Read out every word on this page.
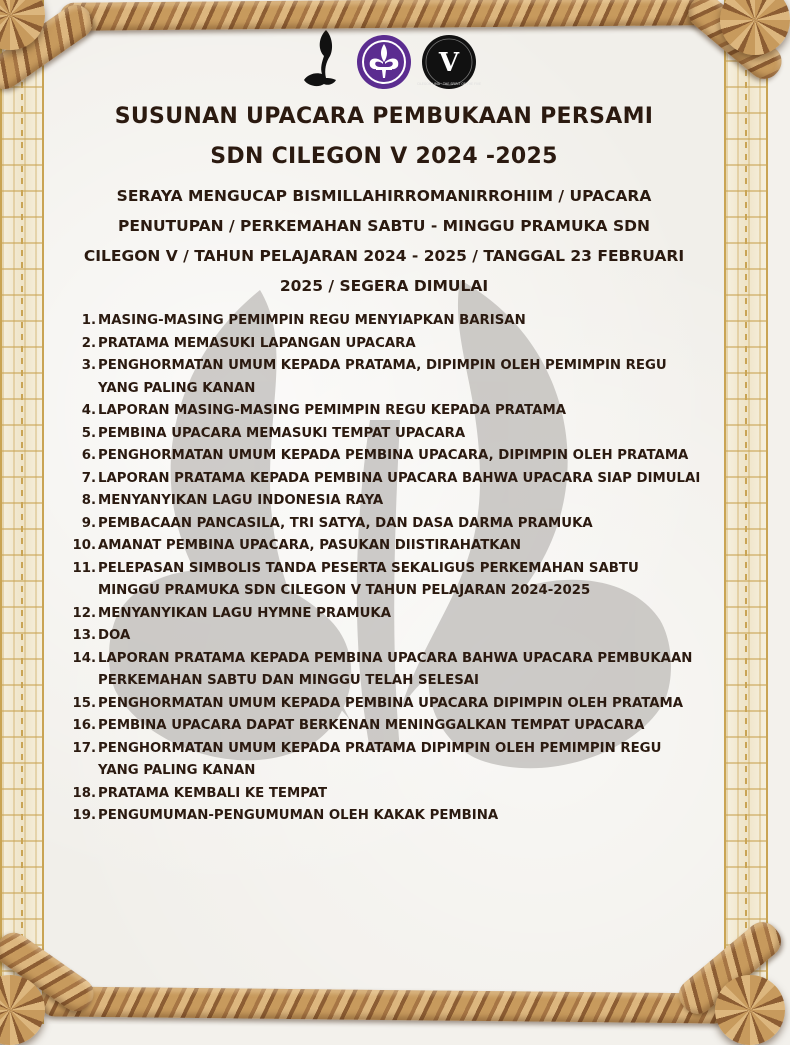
V
CILEGON LIMA · THE SPIRIT OF THE FIVE
SUSUNAN UPACARA PEMBUKAAN PERSAMI
SDN CILEGON V 2024 -2025
SERAYA MENGUCAP BISMILLAHIRROMANIRROHIIM / UPACARA PENUTUPAN / PERKEMAHAN SABTU - MINGGU PRAMUKA SDN CILEGON V / TAHUN PELAJARAN 2024 - 2025 / TANGGAL 23 FEBRUARI 2025 / SEGERA DIMULAI
1. MASING-MASING PEMIMPIN REGU MENYIAPKAN BARISAN
2. PRATAMA MEMASUKI LAPANGAN UPACARA
3. PENGHORMATAN UMUM KEPADA PRATAMA, DIPIMPIN OLEH PEMIMPIN REGU YANG PALING KANAN
4. LAPORAN MASING-MASING PEMIMPIN REGU KEPADA PRATAMA
5. PEMBINA UPACARA MEMASUKI TEMPAT UPACARA
6. PENGHORMATAN UMUM KEPADA PEMBINA UPACARA, DIPIMPIN OLEH PRATAMA
7. LAPORAN PRATAMA KEPADA PEMBINA UPACARA BAHWA UPACARA SIAP DIMULAI
8. MENYANYIKAN LAGU INDONESIA RAYA
9. PEMBACAAN PANCASILA, TRI SATYA, DAN DASA DARMA PRAMUKA
10. AMANAT PEMBINA UPACARA, PASUKAN DIISTIRAHATKAN
11. PELEPASAN SIMBOLIS TANDA PESERTA SEKALIGUS PERKEMAHAN SABTU MINGGU PRAMUKA SDN CILEGON V TAHUN PELAJARAN 2024-2025
12. MENYANYIKAN LAGU HYMNE PRAMUKA
13. DOA
14. LAPORAN PRATAMA KEPADA PEMBINA UPACARA BAHWA UPACARA PEMBUKAAN PERKEMAHAN SABTU DAN MINGGU TELAH SELESAI
15. PENGHORMATAN UMUM KEPADA PEMBINA UPACARA DIPIMPIN OLEH PRATAMA
16. PEMBINA UPACARA DAPAT BERKENAN MENINGGALKAN TEMPAT UPACARA
17. PENGHORMATAN UMUM KEPADA PRATAMA DIPIMPIN OLEH PEMIMPIN REGU YANG PALING KANAN
18. PRATAMA KEMBALI KE TEMPAT
19. PENGUMUMAN-PENGUMUMAN OLEH KAKAK PEMBINA
